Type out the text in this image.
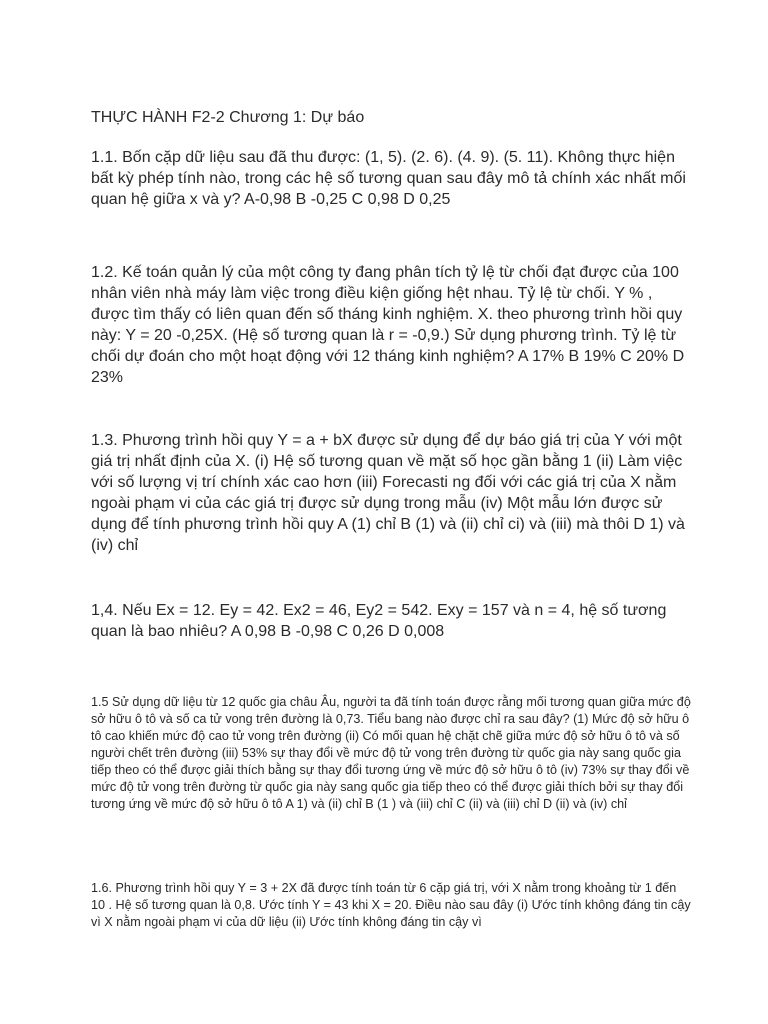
THỰC HÀNH F2-2 Chương 1: Dự báo

1.1. Bốn cặp dữ liệu sau đã thu được: (1, 5). (2. 6). (4. 9). (5. 11). Không thực hiện bất kỳ phép tính nào, trong các hệ số tương quan sau đây mô tả chính xác nhất mối quan hệ giữa x và y? A-0,98 B -0,25 C 0,98 D 0,25

1.2. Kế toán quản lý của một công ty đang phân tích tỷ lệ từ chối đạt được của 100 nhân viên nhà máy làm việc trong điều kiện giống hệt nhau. Tỷ lệ từ chối. Y % , được tìm thấy có liên quan đến số tháng kinh nghiệm. X. theo phương trình hồi quy này: Y = 20 -0,25X. (Hệ số tương quan là r = -0,9.) Sử dụng phương trình. Tỷ lệ từ chối dự đoán cho một hoạt động với 12 tháng kinh nghiệm? A 17% B 19% C 20% D 23%

1.3. Phương trình hồi quy Y = a + bX được sử dụng để dự báo giá trị của Y với một giá trị nhất định của X. (i) Hệ số tương quan về mặt số học gần bằng 1 (ii) Làm việc với số lượng vị trí chính xác cao hơn (iii) Forecasti ng đối với các giá trị của X nằm ngoài phạm vi của các giá trị được sử dụng trong mẫu (iv) Một mẫu lớn được sử dụng để tính phương trình hồi quy A (1) chỉ B (1) và (ii) chỉ ci) và (iii) mà thôi D 1) và (iv) chỉ

1,4. Nếu Ex = 12. Ey = 42. Ex2 = 46, Ey2 = 542. Exy = 157 và n = 4, hệ số tương quan là bao nhiêu? A 0,98 B -0,98 C 0,26 D 0,008

1.5 Sử dụng dữ liệu từ 12 quốc gia châu Âu, người ta đã tính toán được rằng mối tương quan giữa mức độ sở hữu ô tô và số ca tử vong trên đường là 0,73. Tiểu bang nào được chỉ ra sau đây? (1) Mức độ sở hữu ô tô cao khiến mức độ cao tử vong trên đường (ii) Có mối quan hệ chặt chẽ giữa mức độ sở hữu ô tô và số người chết trên đường (iii) 53% sự thay đổi về mức độ tử vong trên đường từ quốc gia này sang quốc gia tiếp theo có thể được giải thích bằng sự thay đổi tương ứng về mức độ sở hữu ô tô (iv) 73% sự thay đổi về mức độ tử vong trên đường từ quốc gia này sang quốc gia tiếp theo có thể được giải thích bởi sự thay đổi tương ứng về mức độ sở hữu ô tô A 1) và (ii) chỉ B (1 ) và (iii) chỉ C (ii) và (iii) chỉ D (ii) và (iv) chỉ

1.6. Phương trình hồi quy Y = 3 + 2X đã được tính toán từ 6 cặp giá trị, với X nằm trong khoảng từ 1 đến 10 . Hệ số tương quan là 0,8. Ước tính Y = 43 khi X = 20. Điều nào sau đây (i) Ước tính không đáng tin cậy vì X nằm ngoài phạm vi của dữ liệu (ii) Ước tính không đáng tin cậy vì
